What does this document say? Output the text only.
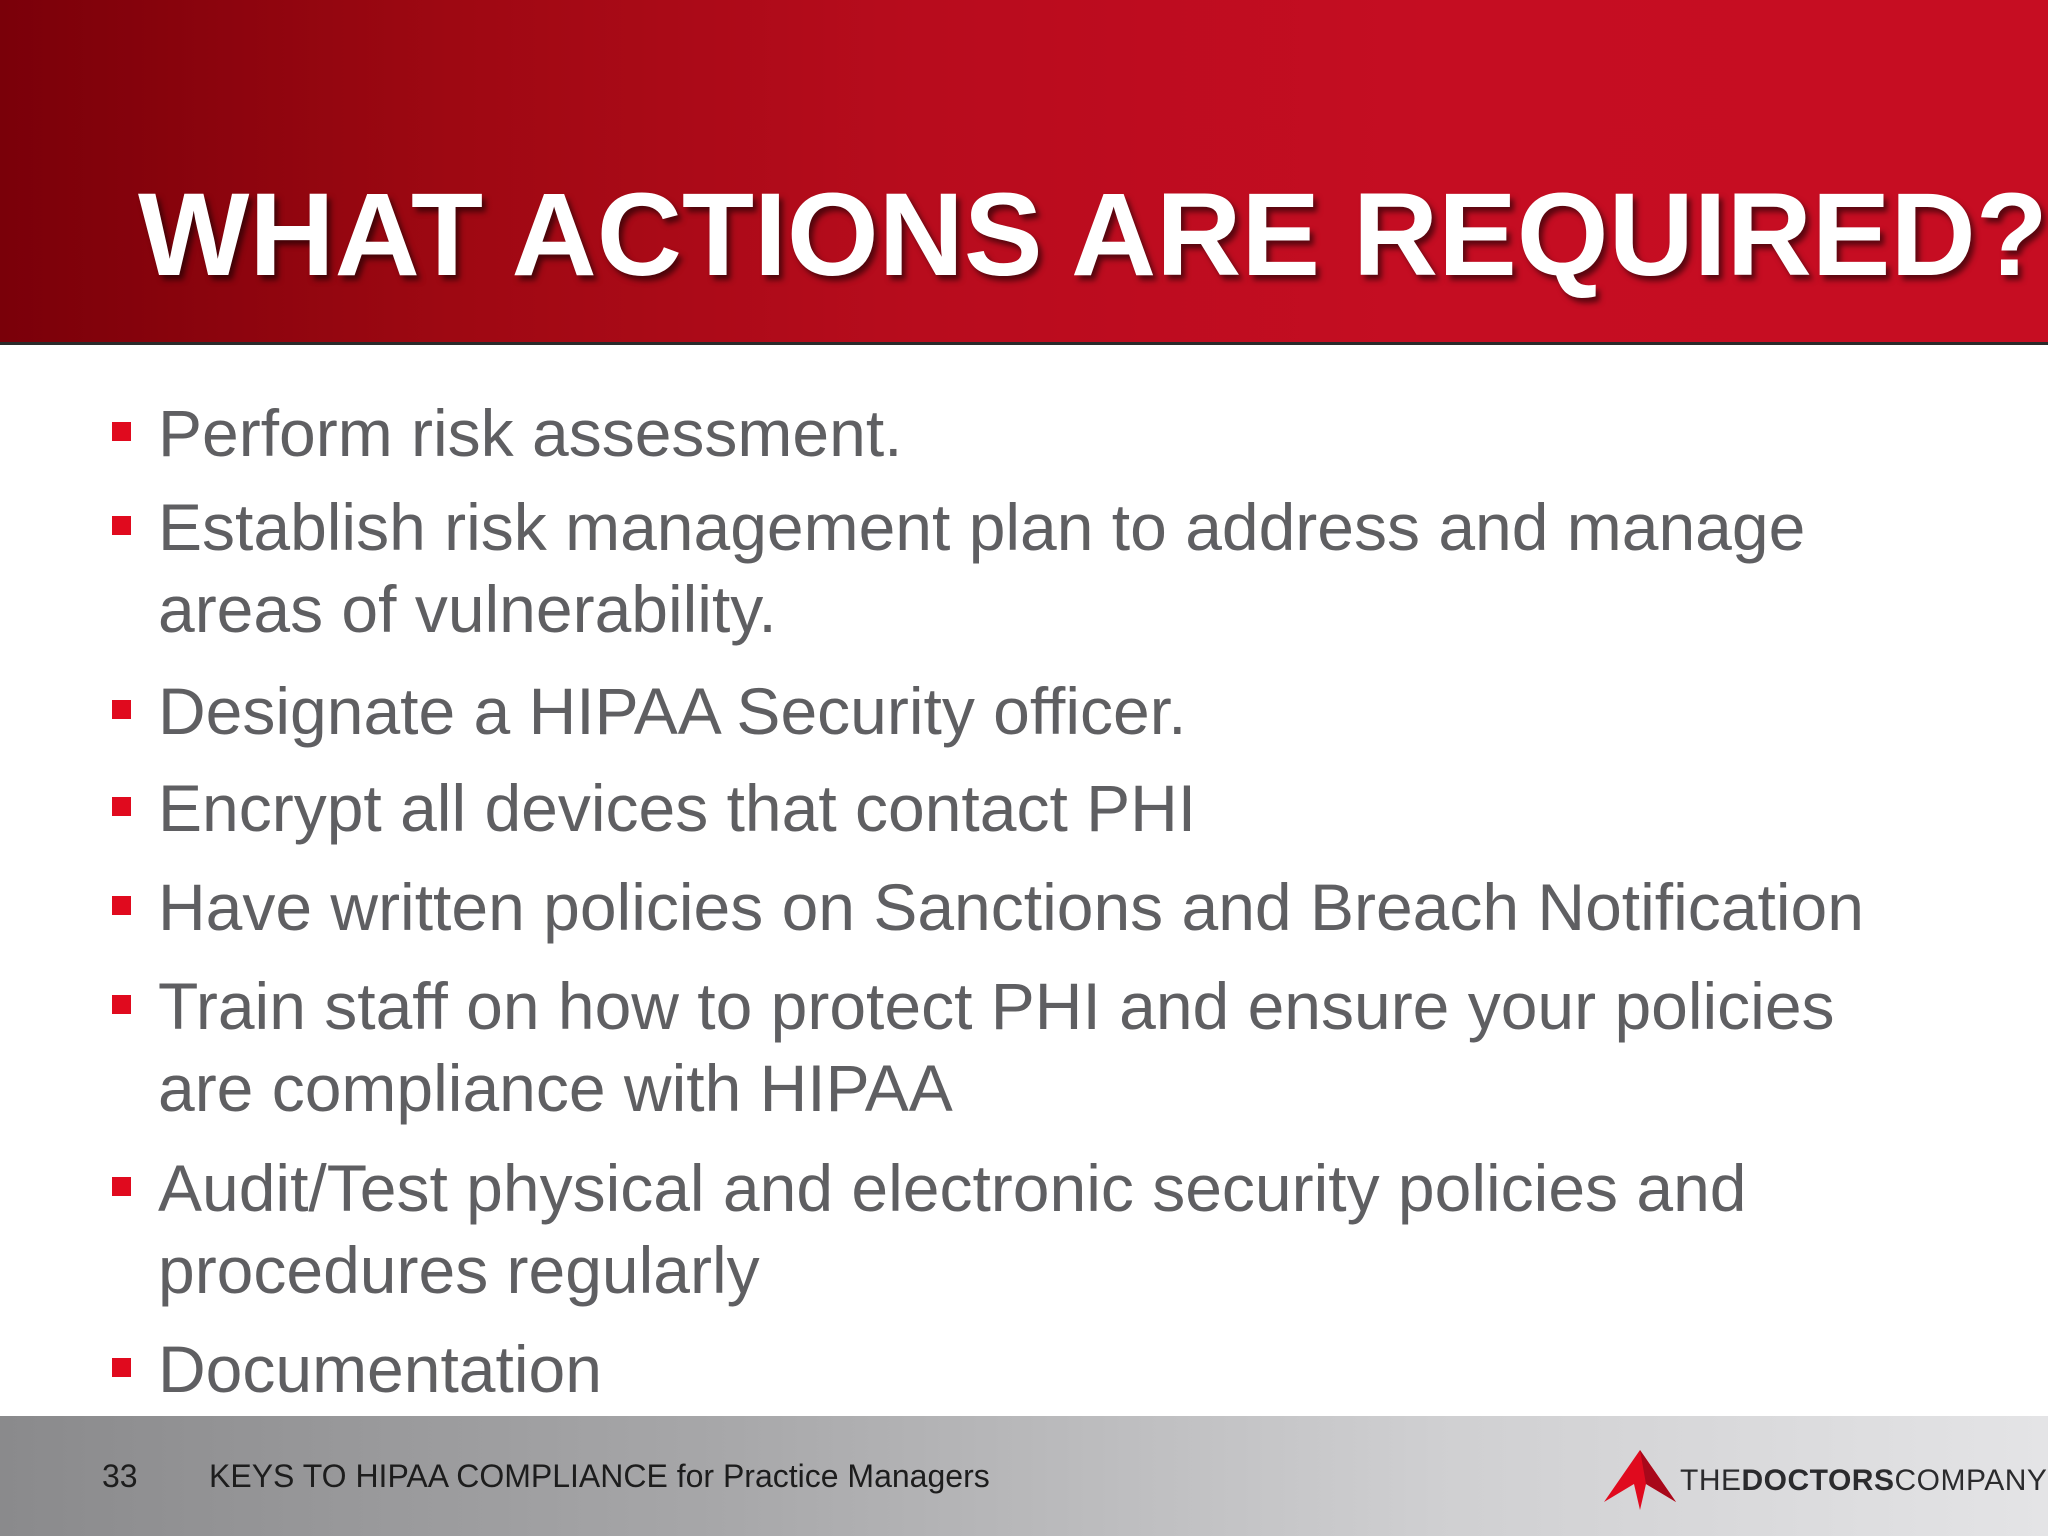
WHAT ACTIONS ARE REQUIRED?
Perform risk assessment.
Establish risk management plan to address and manage
areas of vulnerability.
Designate a HIPAA Security officer.
Encrypt all devices that contact PHI
Have written policies on Sanctions and Breach Notification
Train staff on how to protect PHI and ensure your policies
are compliance with HIPAA
Audit/Test physical and electronic security policies and
procedures regularly
Documentation
33 KEYS TO HIPAA COMPLIANCE for Practice Managers	THEDOCTORSCOMPANY
